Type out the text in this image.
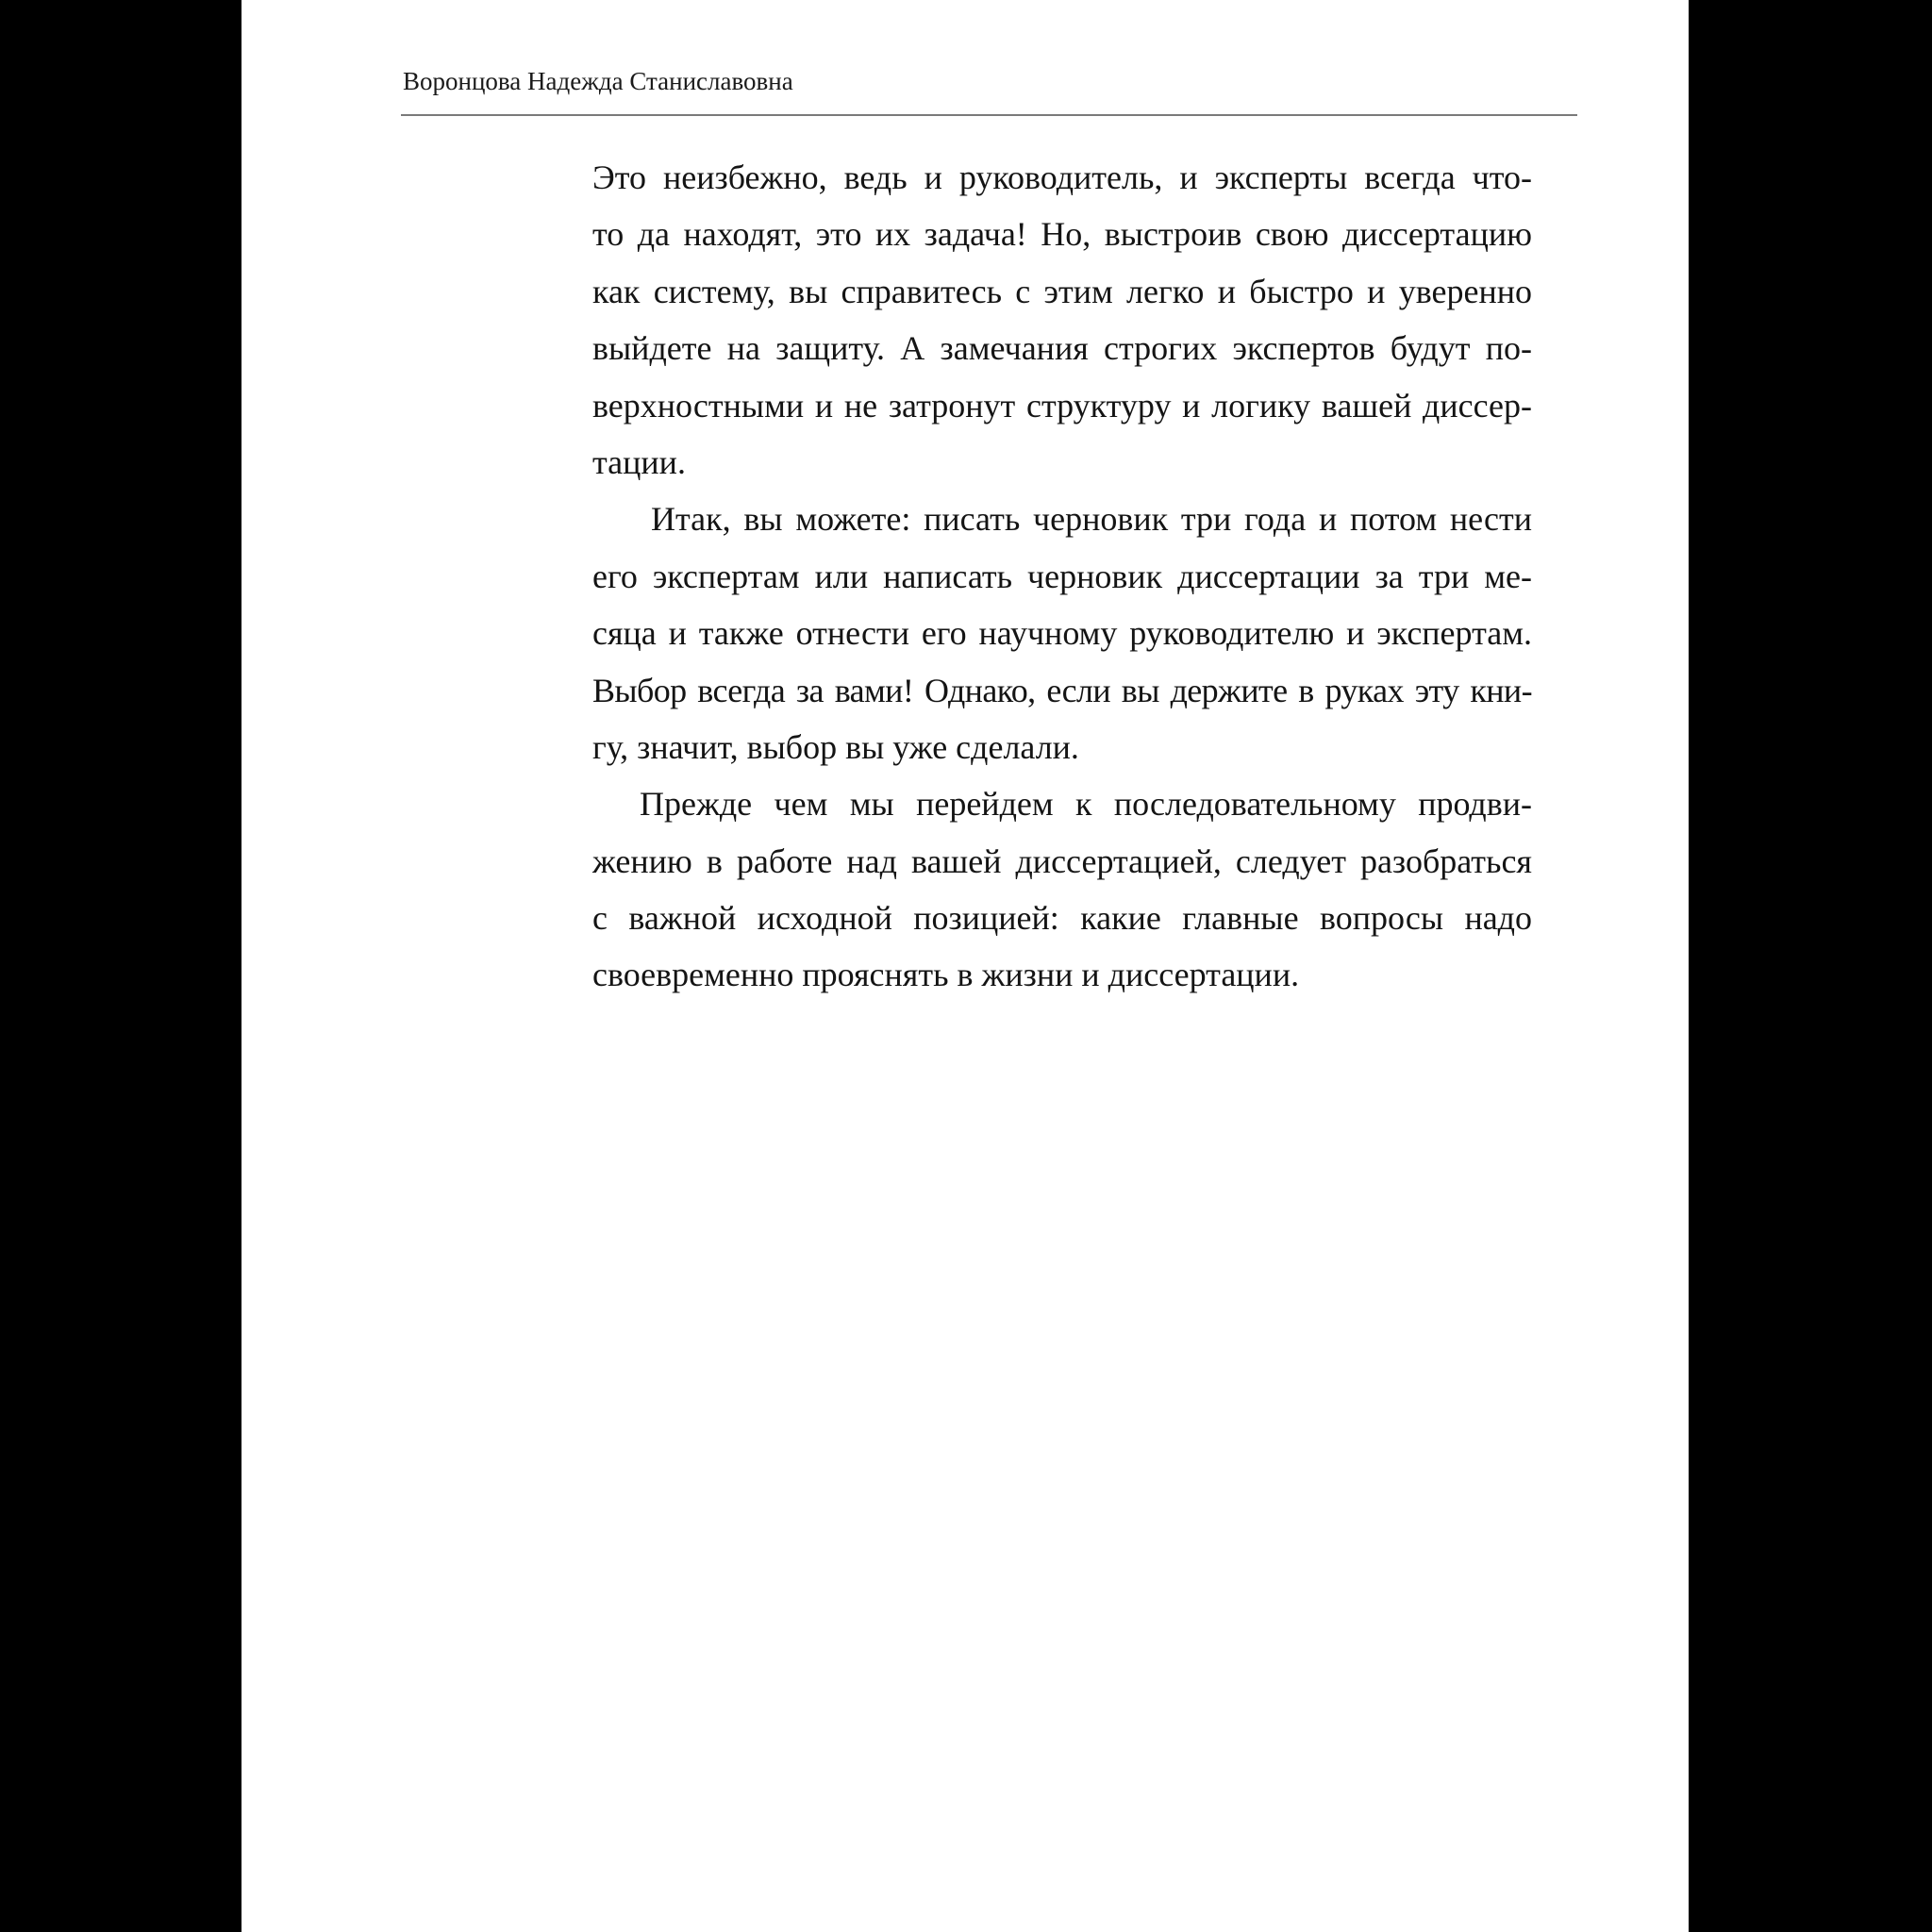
Воронцова Надежда Станиславовна

Это неизбежно, ведь и руководитель, и эксперты всегда что-
то да находят, это их задача! Но, выстроив свою диссертацию
как систему, вы справитесь с этим легко и быстро и уверенно
выйдете на защиту. А замечания строгих экспертов будут по-
верхностными и не затронут структуру и логику вашей диссер-
тации.
Итак, вы можете: писать черновик три года и потом нести
его экспертам или написать черновик диссертации за три ме-
сяца и также отнести его научному руководителю и экспертам.
Выбор всегда за вами! Однако, если вы держите в руках эту кни-
гу, значит, выбор вы уже сделали.
Прежде чем мы перейдем к последовательному продви-
жению в работе над вашей диссертацией, следует разобраться
с важной исходной позицией: какие главные вопросы надо
своевременно прояснять в жизни и диссертации.
